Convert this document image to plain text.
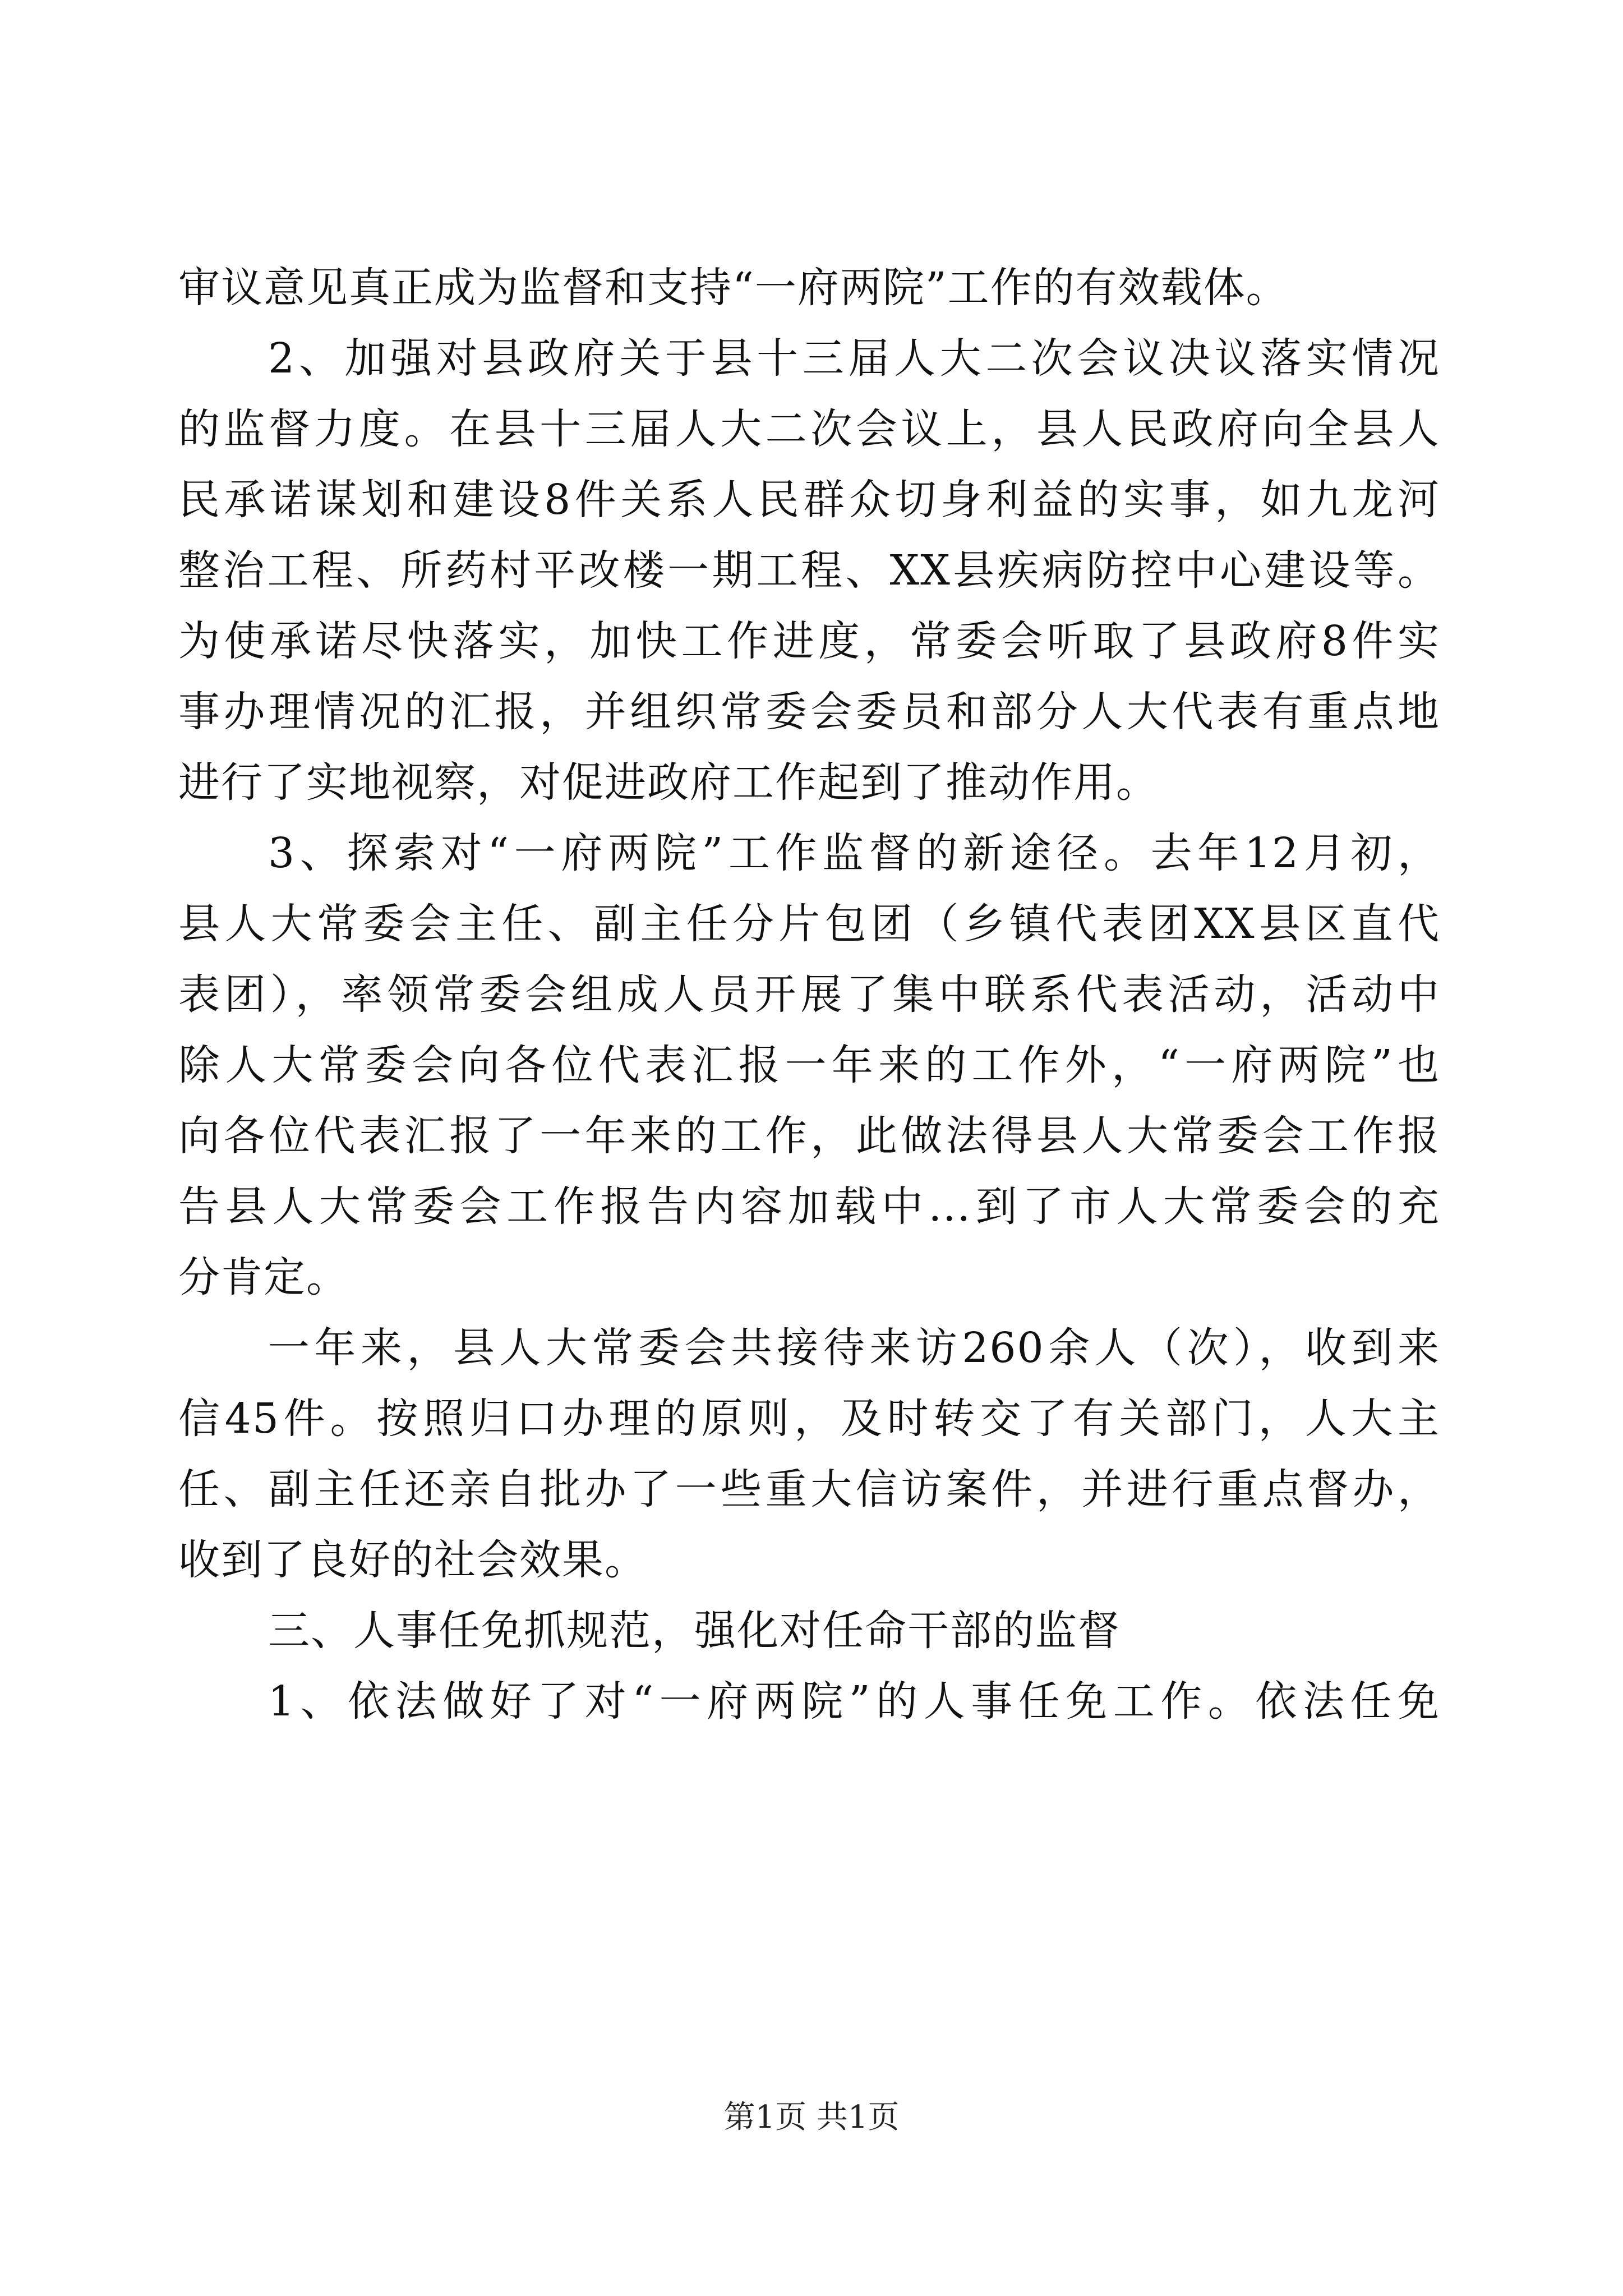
审议意见真正成为监督和支持“一府两院”工作的有效载体。
2、加强对县政府关于县十三届人大二次会议决议落实情况
的监督力度。在县十三届人大二次会议上，县人民政府向全县人
民承诺谋划和建设8件关系人民群众切身利益的实事，如九龙河
整治工程、所药村平改楼一期工程、XX县疾病防控中心建设等。
为使承诺尽快落实，加快工作进度，常委会听取了县政府8件实
事办理情况的汇报，并组织常委会委员和部分人大代表有重点地
进行了实地视察，对促进政府工作起到了推动作用。
3、探索对“一府两院”工作监督的新途径。去年12月初，
县人大常委会主任、副主任分片包团（乡镇代表团XX县区直代
表团），率领常委会组成人员开展了集中联系代表活动，活动中
除人大常委会向各位代表汇报一年来的工作外，“一府两院”也
向各位代表汇报了一年来的工作，此做法得县人大常委会工作报
告县人大常委会工作报告内容加载中...到了市人大常委会的充
分肯定。
一年来，县人大常委会共接待来访260余人（次），收到来
信45件。按照归口办理的原则，及时转交了有关部门，人大主
任、副主任还亲自批办了一些重大信访案件，并进行重点督办，
收到了良好的社会效果。
三、人事任免抓规范，强化对任命干部的监督
1、依法做好了对“一府两院”的人事任免工作。依法任免
第1页 共1页
